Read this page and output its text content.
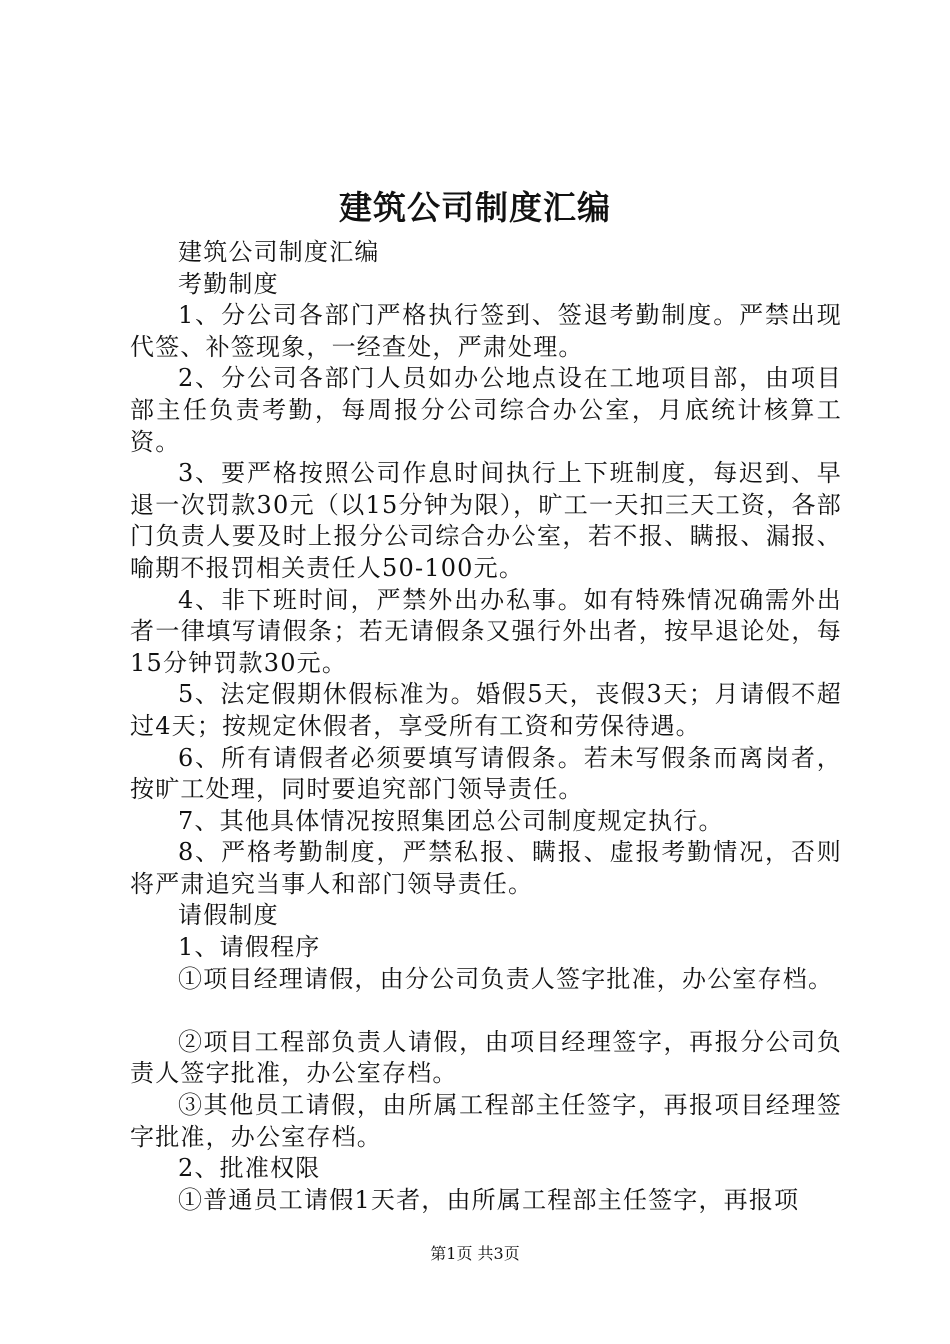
建筑公司制度汇编

建筑公司制度汇编

考勤制度

1、分公司各部门严格执行签到、签退考勤制度。严禁出现代签、补签现象，一经查处，严肃处理。

2、分公司各部门人员如办公地点设在工地项目部，由项目部主任负责考勤，每周报分公司综合办公室，月底统计核算工资。

3、要严格按照公司作息时间执行上下班制度，每迟到、早退一次罚款30元（以15分钟为限），旷工一天扣三天工资，各部门负责人要及时上报分公司综合办公室，若不报、瞒报、漏报、喻期不报罚相关责任人50-100元。

4、非下班时间，严禁外出办私事。如有特殊情况确需外出者一律填写请假条；若无请假条又强行外出者，按早退论处，每15分钟罚款30元。

5、法定假期休假标准为。婚假5天，丧假3天；月请假不超过4天；按规定休假者，享受所有工资和劳保待遇。

6、所有请假者必须要填写请假条。若未写假条而离岗者，按旷工处理，同时要追究部门领导责任。

7、其他具体情况按照集团总公司制度规定执行。

8、严格考勤制度，严禁私报、瞒报、虚报考勤情况，否则将严肃追究当事人和部门领导责任。

请假制度

1、请假程序

①项目经理请假，由分公司负责人签字批准，办公室存档。

②项目工程部负责人请假，由项目经理签字，再报分公司负责人签字批准，办公室存档。

③其他员工请假，由所属工程部主任签字，再报项目经理签字批准，办公室存档。

2、批准权限

①普通员工请假1天者，由所属工程部主任签字，再报项

第1页 共3页
